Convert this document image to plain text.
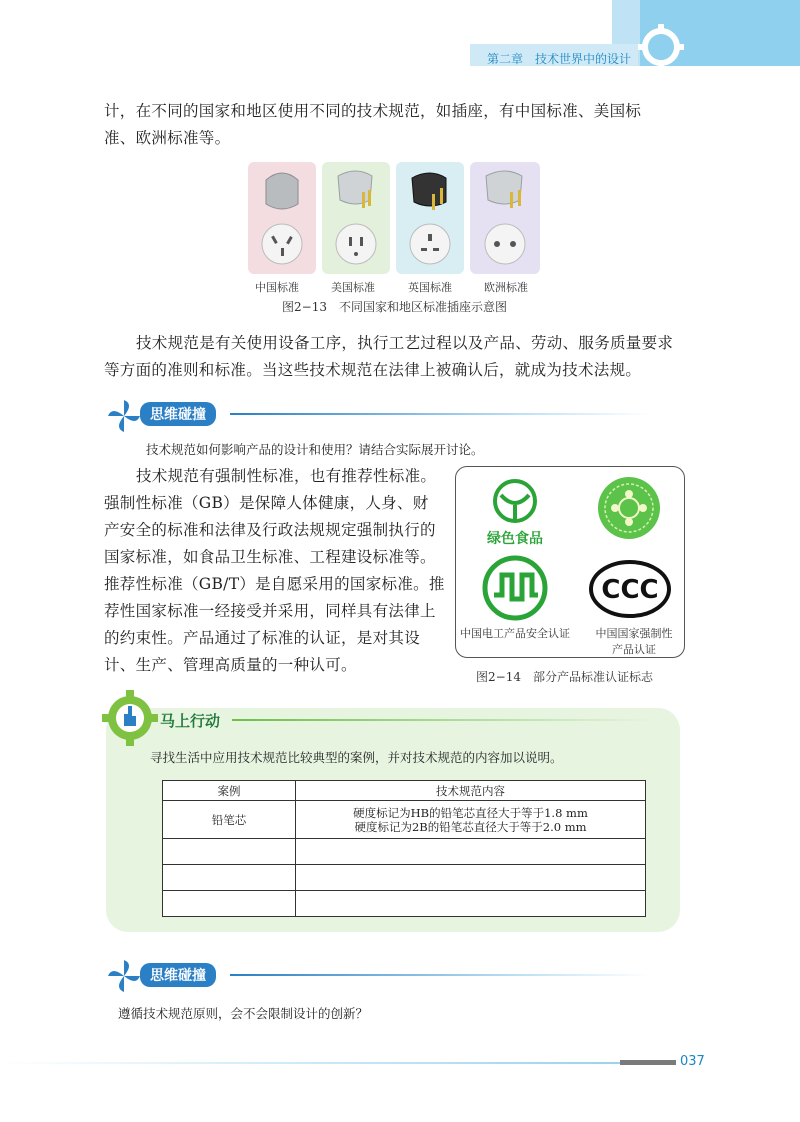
第二章　技术世界中的设计
计，在不同的国家和地区使用不同的技术规范，如插座，有中国标准、美国标
准、欧洲标准等。
中国标准	美国标准	英国标准	欧洲标准
图2−13　不同国家和地区标准插座示意图
技术规范是有关使用设备工序，执行工艺过程以及产品、劳动、服务质量要求
等方面的准则和标准。当这些技术规范在法律上被确认后，就成为技术法规。
思维碰撞
技术规范如何影响产品的设计和使用？请结合实际展开讨论。
技术规范有强制性标准，也有推荐性标准。
强制性标准（GB）是保障人体健康，人身、财
产安全的标准和法律及行政法规规定强制执行的
国家标准，如食品卫生标准、工程建设标准等。
推荐性标准（GB/T）是自愿采用的国家标准。推
荐性国家标准一经接受并采用，同样具有法律上
的约束性。产品通过了标准的认证，是对其设
计、生产、管理高质量的一种认可。
绿色食品
CCC
中国电工产品安全认证	中国国家强制性
产品认证
图2−14　部分产品标准认证标志
马上行动
寻找生活中应用技术规范比较典型的案例，并对技术规范的内容加以说明。
案例	技术规范内容
铅笔芯	硬度标记为HB的铅笔芯直径大于等于1.8 mm
硬度标记为2B的铅笔芯直径大于等于2.0 mm

思维碰撞
遵循技术规范原则，会不会限制设计的创新？
037
